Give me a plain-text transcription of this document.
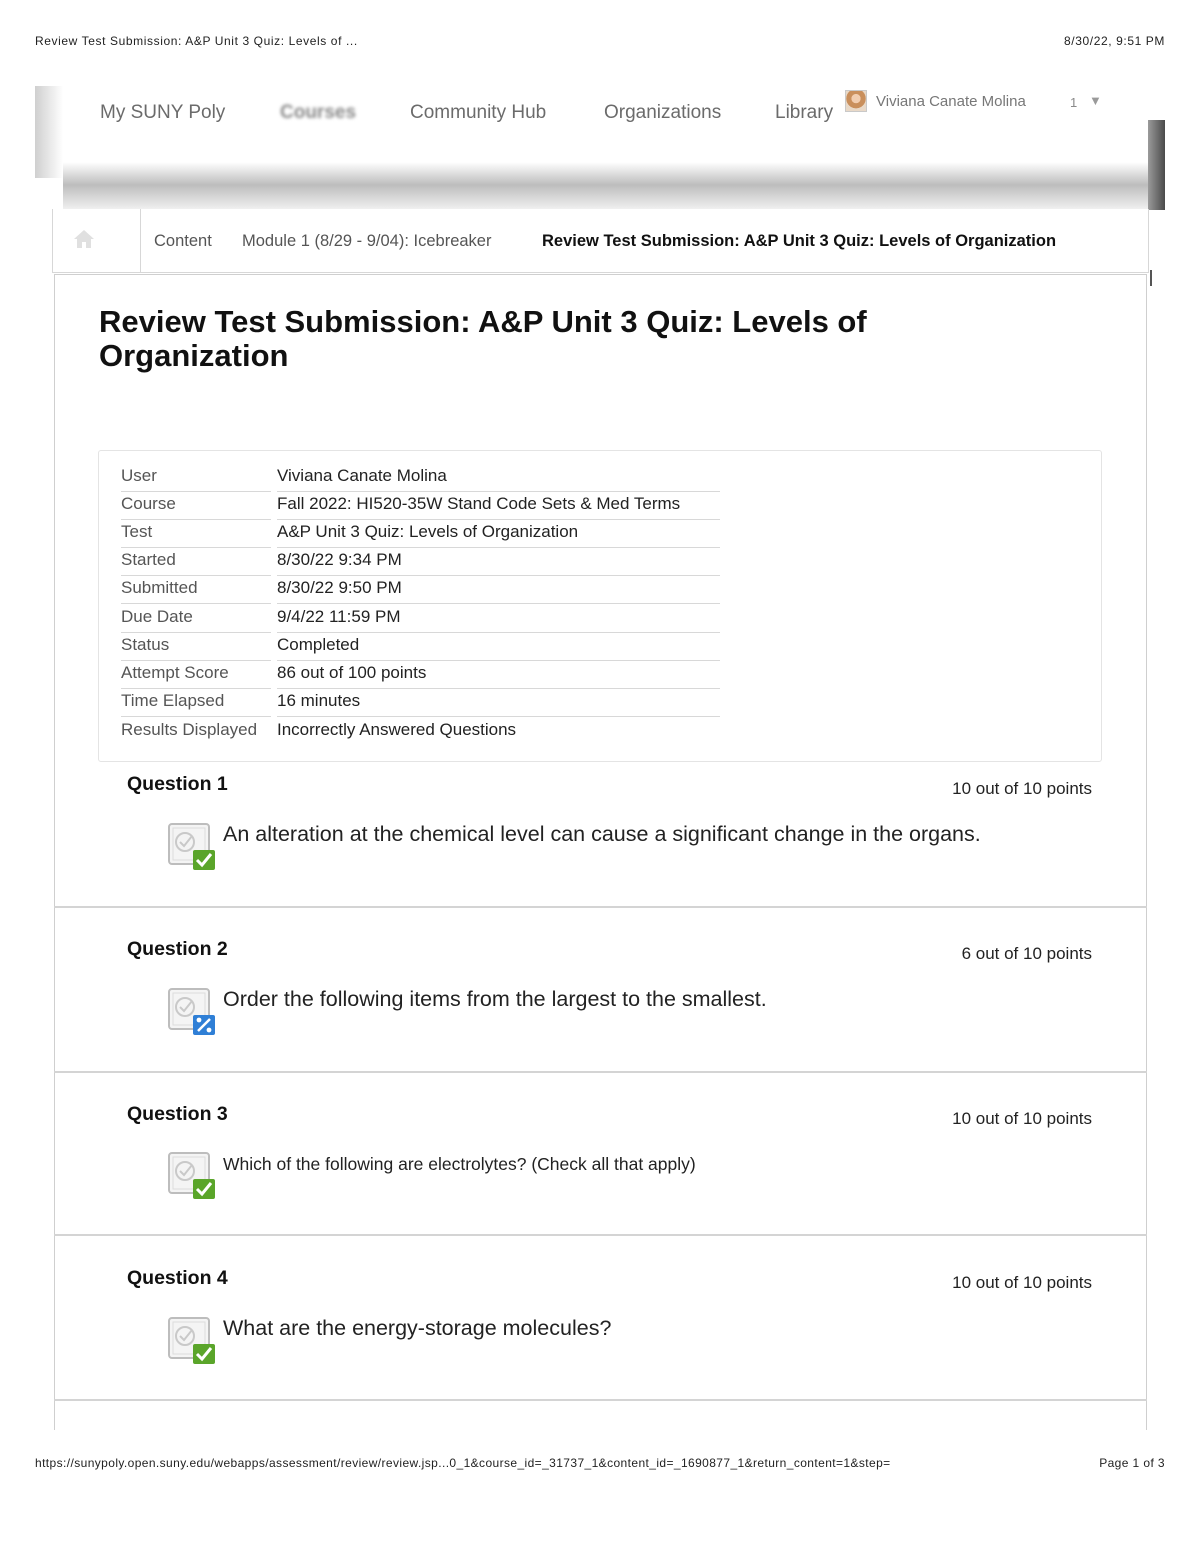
Review Test Submission: A&P Unit 3 Quiz: Levels of ...	8/30/22, 9:51 PM
My SUNY Poly	Courses	Community Hub	Organizations	Library
Viviana Canate Molina	1 ▼
Content Module 1 (8/29 - 9/04): Icebreaker	Review Test Submission: A&P Unit 3 Quiz: Levels of Organization
Review Test Submission: A&P Unit 3 Quiz: Levels of Organization
User	Viviana Canate Molina
Course	Fall 2022: HI520-35W Stand Code Sets & Med Terms
Test	A&P Unit 3 Quiz: Levels of Organization
Started	8/30/22 9:34 PM
Submitted	8/30/22 9:50 PM
Due Date	9/4/22 11:59 PM
Status	Completed
Attempt Score	86 out of 100 points
Time Elapsed	16 minutes
Results Displayed	Incorrectly Answered Questions
Question 1	10 out of 10 points
An alteration at the chemical level can cause a significant change in the organs.
Question 2	6 out of 10 points
Order the following items from the largest to the smallest.
Question 3	10 out of 10 points
Which of the following are electrolytes? (Check all that apply)
Question 4	10 out of 10 points
What are the energy-storage molecules?
https://sunypoly.open.suny.edu/webapps/assessment/review/review.jsp...0_1&course_id=_31737_1&content_id=_1690877_1&return_content=1&step=	Page 1 of 3
